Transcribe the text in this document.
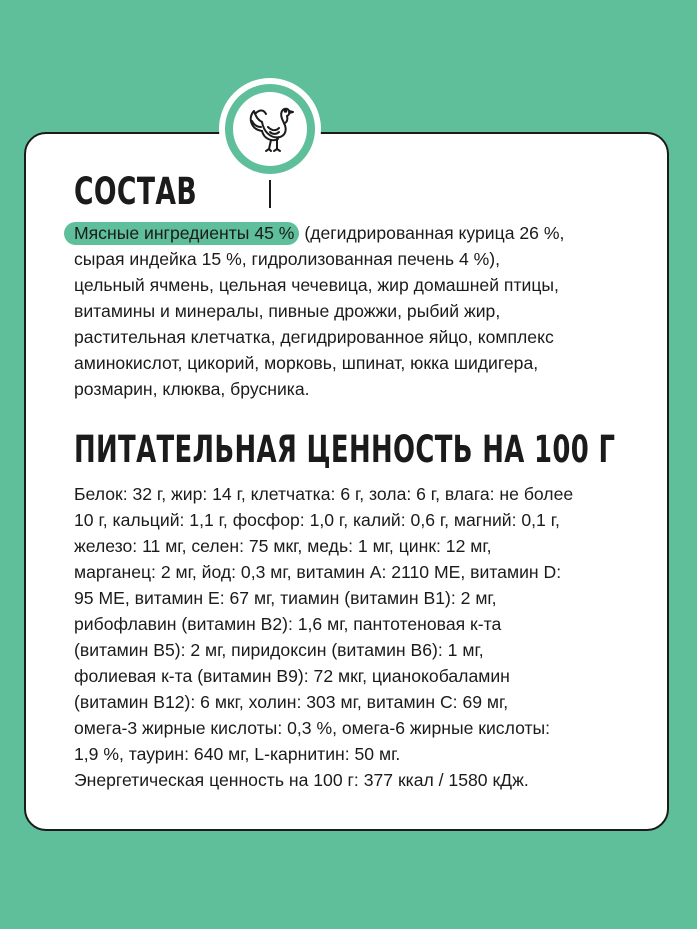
СОСТАВ

Мясные ингредиенты 45 % (дегидрированная курица 26 %,
сырая индейка 15 %, гидролизованная печень 4 %),
цельный ячмень, цельная чечевица, жир домашней птицы,
витамины и минералы, пивные дрожжи, рыбий жир,
растительная клетчатка, дегидрированное яйцо, комплекс
аминокислот, цикорий, морковь, шпинат, юкка шидигера,
розмарин, клюква, брусника.

ПИТАТЕЛЬНАЯ ЦЕННОСТЬ НА 100 Г

Белок: 32 г, жир: 14 г, клетчатка: 6 г, зола: 6 г, влага: не более
10 г, кальций: 1,1 г, фосфор: 1,0 г, калий: 0,6 г, магний: 0,1 г,
железо: 11 мг, селен: 75 мкг, медь: 1 мг, цинк: 12 мг,
марганец: 2 мг, йод: 0,3 мг, витамин A: 2110 МЕ, витамин D:
95 МЕ, витамин E: 67 мг, тиамин (витамин B1): 2 мг,
рибофлавин (витамин B2): 1,6 мг, пантотеновая к-та
(витамин B5): 2 мг, пиридоксин (витамин B6): 1 мг,
фолиевая к-та (витамин B9): 72 мкг, цианокобаламин
(витамин B12): 6 мкг, холин: 303 мг, витамин C: 69 мг,
омега-3 жирные кислоты: 0,3 %, омега-6 жирные кислоты:
1,9 %, таурин: 640 мг, L-карнитин: 50 мг.
Энергетическая ценность на 100 г: 377 ккал / 1580 кДж.
